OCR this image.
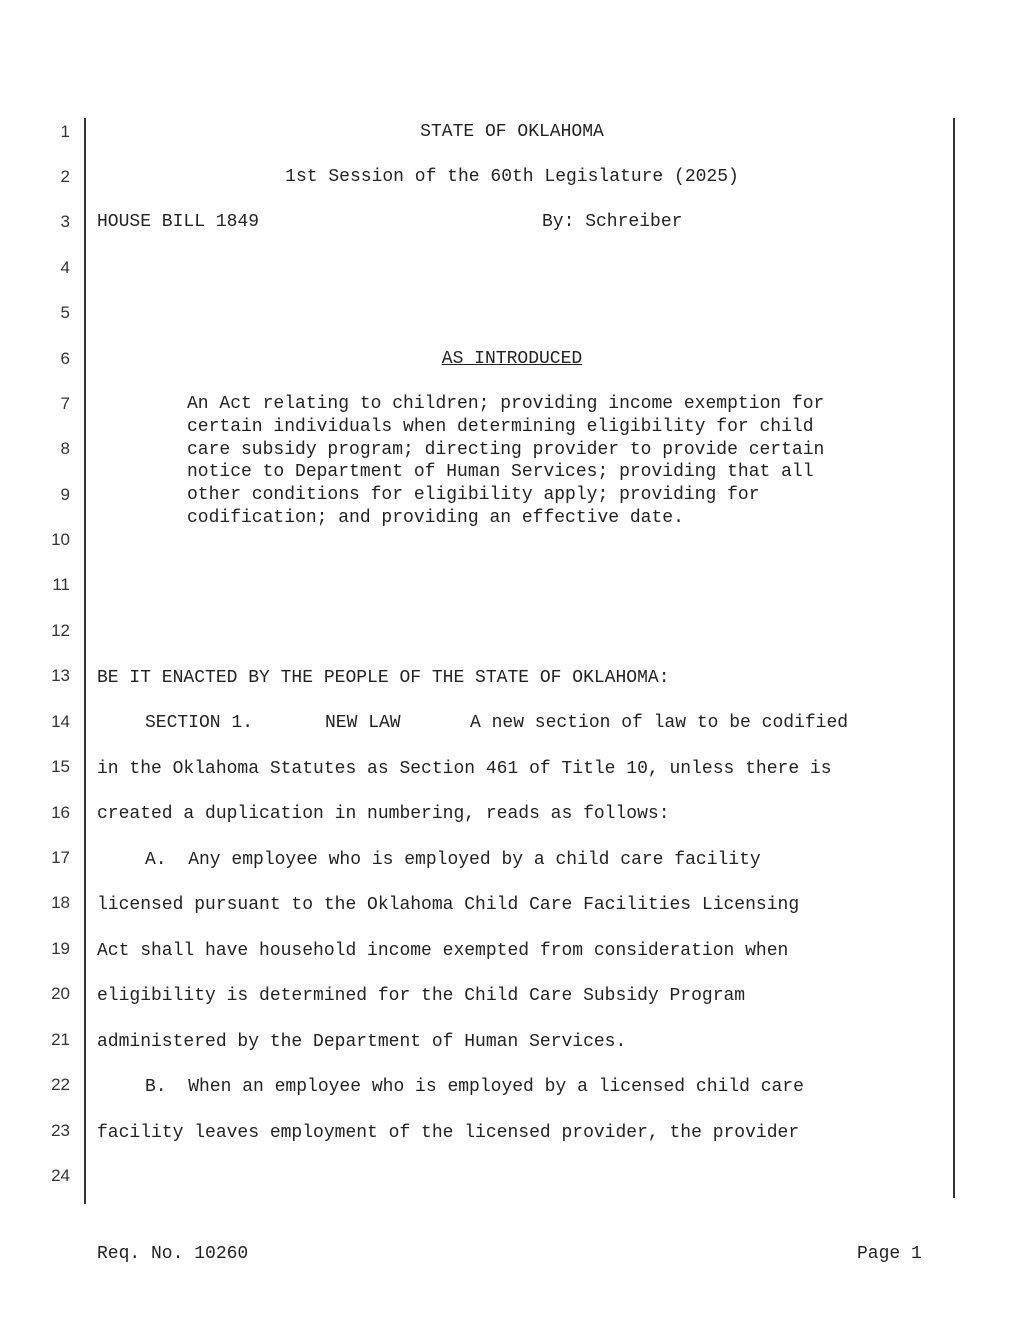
1
2
3
4
5
6
7
8
9
10
11
12
13
14
15
16
17
18
19
20
21
22
23
24
STATE OF OKLAHOMA
1st Session of the 60th Legislature (2025)
HOUSE BILL 1849	By: Schreiber
AS INTRODUCED
An Act relating to children; providing income exemption for certain individuals when determining eligibility for child care subsidy program; directing provider to provide certain notice to Department of Human Services; providing that all other conditions for eligibility apply; providing for codification; and providing an effective date.
BE IT ENACTED BY THE PEOPLE OF THE STATE OF OKLAHOMA:
SECTION 1.	NEW LAW	A new section of law to be codified
in the Oklahoma Statutes as Section 461 of Title 10, unless there is
created a duplication in numbering, reads as follows:
A.  Any employee who is employed by a child care facility
licensed pursuant to the Oklahoma Child Care Facilities Licensing
Act shall have household income exempted from consideration when
eligibility is determined for the Child Care Subsidy Program
administered by the Department of Human Services.
B.  When an employee who is employed by a licensed child care
facility leaves employment of the licensed provider, the provider
Req. No. 10260	Page 1
